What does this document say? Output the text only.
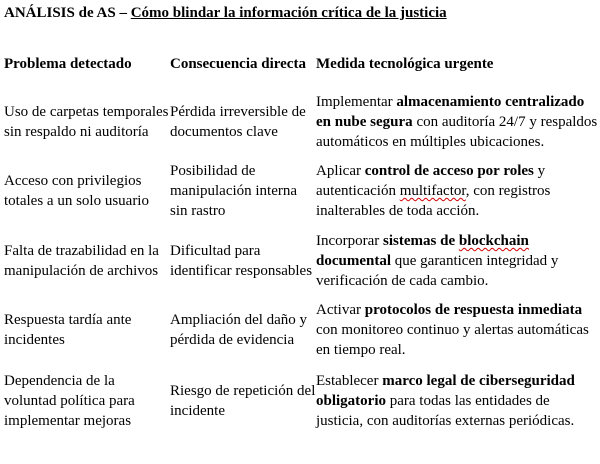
ANÁLISIS de AS – Cómo blindar la información crítica de la justicia
Problema detectado	Consecuencia directa	Medida tecnológica urgente
Uso de carpetas temporales sin respaldo ni auditoría	Pérdida irreversible de documentos clave	Implementar almacenamiento centralizado en nube segura con auditoría 24/7 y respaldos automáticos en múltiples ubicaciones.
Acceso con privilegios totales a un solo usuario	Posibilidad de manipulación interna sin rastro	Aplicar control de acceso por roles y autenticación multifactor, con registros inalterables de toda acción.
Falta de trazabilidad en la manipulación de archivos	Dificultad para identificar responsables	Incorporar sistemas de blockchain documental que garanticen integridad y verificación de cada cambio.
Respuesta tardía ante incidentes	Ampliación del daño y pérdida de evidencia	Activar protocolos de respuesta inmediata con monitoreo continuo y alertas automáticas en tiempo real.
Dependencia de la voluntad política para implementar mejoras	Riesgo de repetición del incidente	Establecer marco legal de ciberseguridad obligatorio para todas las entidades de justicia, con auditorías externas periódicas.
